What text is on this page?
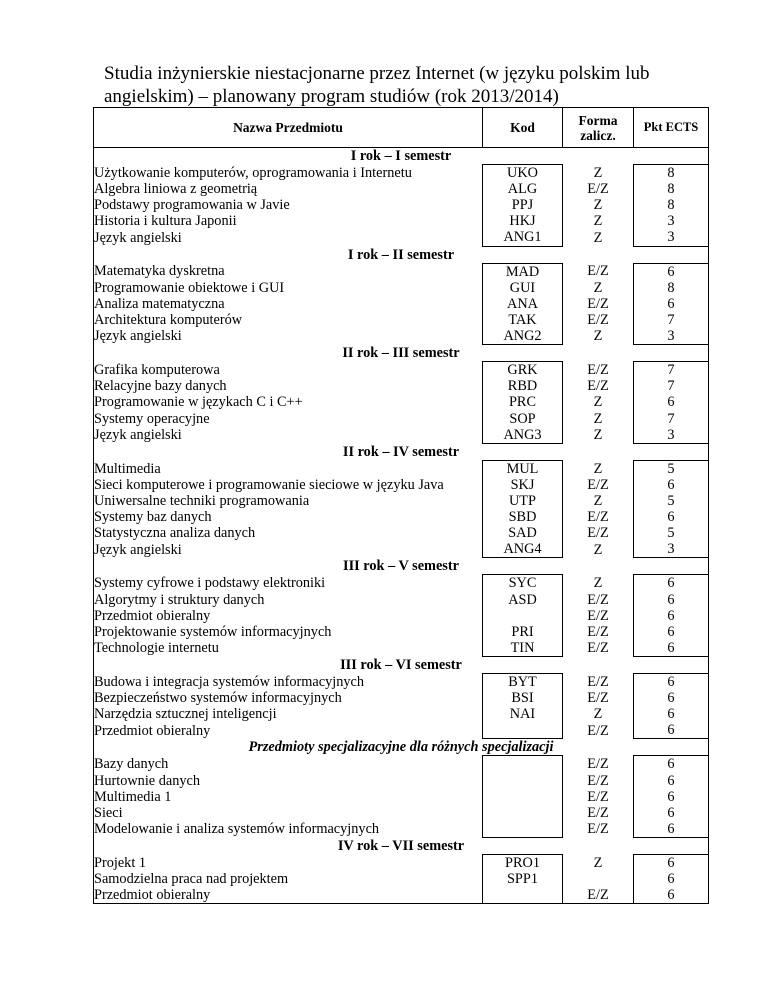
Studia inżynierskie niestacjonarne przez Internet (w języku polskim lub angielskim) – planowany program studiów (rok 2013/2014)
Nazwa Przedmiotu	Kod	Forma zalicz.	Pkt ECTS
I rok – I semestr			
Użytkowanie komputerów, oprogramowania i Internetu	UKO	Z	8
Algebra liniowa z geometrią	ALG	E/Z	8
Podstawy programowania w Javie	PPJ	Z	8
Historia i kultura Japonii	HKJ	Z	3
Język angielski	ANG1	Z	3
I rok – II semestr			
Matematyka dyskretna	MAD	E/Z	6
Programowanie obiektowe i GUI	GUI	Z	8
Analiza matematyczna	ANA	E/Z	6
Architektura komputerów	TAK	E/Z	7
Język angielski	ANG2	Z	3
II rok – III semestr			
Grafika komputerowa	GRK	E/Z	7
Relacyjne bazy danych	RBD	E/Z	7
Programowanie w językach C i C++	PRC	Z	6
Systemy operacyjne	SOP	Z	7
Język angielski	ANG3	Z	3
II rok – IV semestr			
Multimedia	MUL	Z	5
Sieci komputerowe i programowanie sieciowe w języku Java	SKJ	E/Z	6
Uniwersalne techniki programowania	UTP	Z	5
Systemy baz danych	SBD	E/Z	6
Statystyczna analiza danych	SAD	E/Z	5
Język angielski	ANG4	Z	3
III rok – V semestr			
Systemy cyfrowe i podstawy elektroniki	SYC	Z	6
Algorytmy i struktury danych	ASD	E/Z	6
Przedmiot obieralny		E/Z	6
Projektowanie systemów informacyjnych	PRI	E/Z	6
Technologie internetu	TIN	E/Z	6
III rok – VI semestr			
Budowa i integracja systemów informacyjnych	BYT	E/Z	6
Bezpieczeństwo systemów informacyjnych	BSI	E/Z	6
Narzędzia sztucznej inteligencji	NAI	Z	6
Przedmiot obieralny		E/Z	6
Przedmioty specjalizacyjne dla różnych specjalizacji			
Bazy danych		E/Z	6
Hurtownie danych		E/Z	6
Multimedia 1		E/Z	6
Sieci		E/Z	6
Modelowanie i analiza systemów informacyjnych		E/Z	6
IV rok – VII semestr			
Projekt 1	PRO1	Z	6
Samodzielna praca nad projektem	SPP1		6
Przedmiot obieralny		E/Z	6
